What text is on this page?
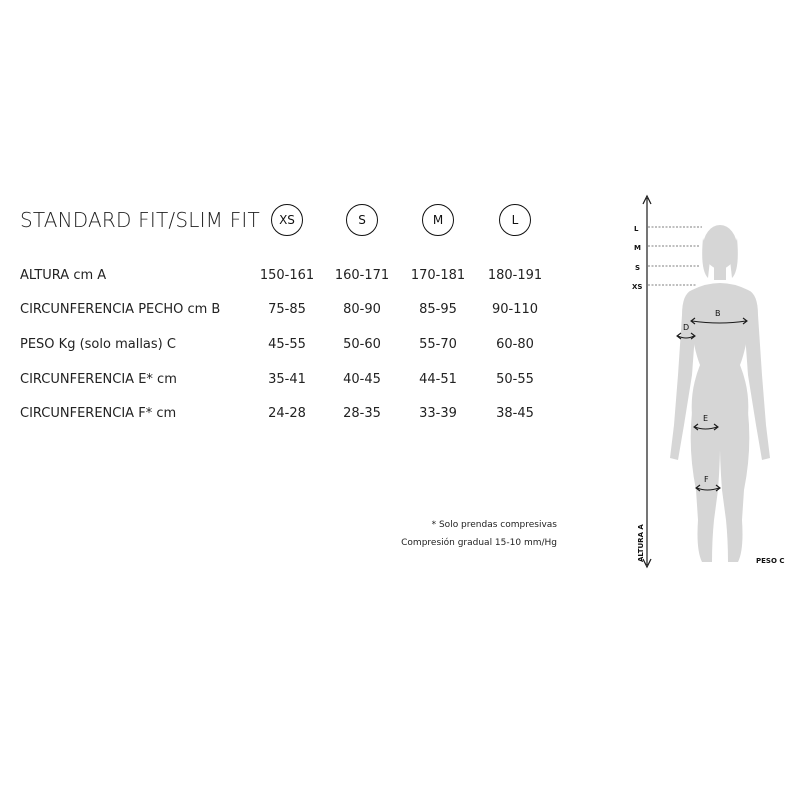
STANDARD FIT/SLIM FIT	XS	S	M	L
ALTURA cm A	150-161	160-171	170-181	180-191
CIRCUNFERENCIA PECHO cm B	75-85	80-90	85-95	90-110
PESO Kg (solo mallas) C	45-55	50-60	55-70	60-80
CIRCUNFERENCIA E* cm	35-41	40-45	44-51	50-55
CIRCUNFERENCIA F* cm	24-28	28-35	33-39	38-45
* Solo prendas compresivas
Compresión gradual 15-10 mm/Hg
L
M
S
XS
ALTURA A	PESO C
B
D
E
F
